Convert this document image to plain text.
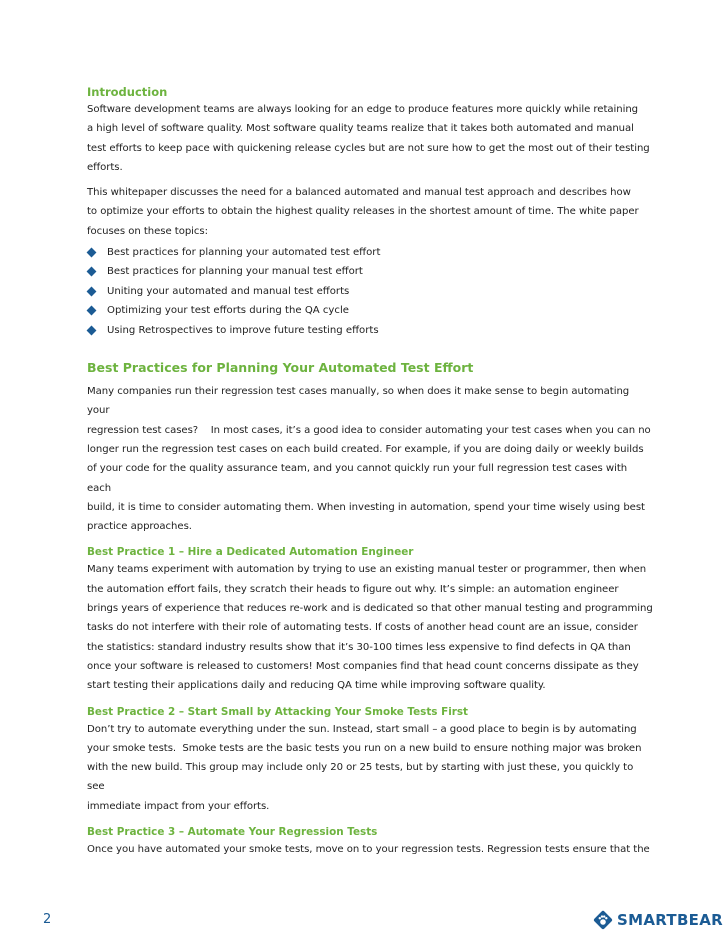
Introduction

Software development teams are always looking for an edge to produce features more quickly while retaining
a high level of software quality. Most software quality teams realize that it takes both automated and manual
test efforts to keep pace with quickening release cycles but are not sure how to get the most out of their testing
efforts.

This whitepaper discusses the need for a balanced automated and manual test approach and describes how
to optimize your efforts to obtain the highest quality releases in the shortest amount of time. The white paper
focuses on these topics:

Best practices for planning your automated test effort
Best practices for planning your manual test effort
Uniting your automated and manual test efforts
Optimizing your test efforts during the QA cycle
Using Retrospectives to improve future testing efforts
Best Practices for Planning Your Automated Test Effort

Many companies run their regression test cases manually, so when does it make sense to begin automating your
regression test cases?    In most cases, it’s a good idea to consider automating your test cases when you can no
longer run the regression test cases on each build created. For example, if you are doing daily or weekly builds
of your code for the quality assurance team, and you cannot quickly run your full regression test cases with each
build, it is time to consider automating them. When investing in automation, spend your time wisely using best
practice approaches.

Best Practice 1 – Hire a Dedicated Automation Engineer

Many teams experiment with automation by trying to use an existing manual tester or programmer, then when
the automation effort fails, they scratch their heads to figure out why. It’s simple: an automation engineer
brings years of experience that reduces re-work and is dedicated so that other manual testing and programming
tasks do not interfere with their role of automating tests. If costs of another head count are an issue, consider
the statistics: standard industry results show that it’s 30-100 times less expensive to find defects in QA than
once your software is released to customers! Most companies find that head count concerns dissipate as they
start testing their applications daily and reducing QA time while improving software quality.

Best Practice 2 – Start Small by Attacking Your Smoke Tests First

Don’t try to automate everything under the sun. Instead, start small – a good place to begin is by automating
your smoke tests.  Smoke tests are the basic tests you run on a new build to ensure nothing major was broken
with the new build. This group may include only 20 or 25 tests, but by starting with just these, you quickly to see
immediate impact from your efforts.

Best Practice 3 – Automate Your Regression Tests

Once you have automated your smoke tests, move on to your regression tests. Regression tests ensure that the

2	SMARTBEAR
